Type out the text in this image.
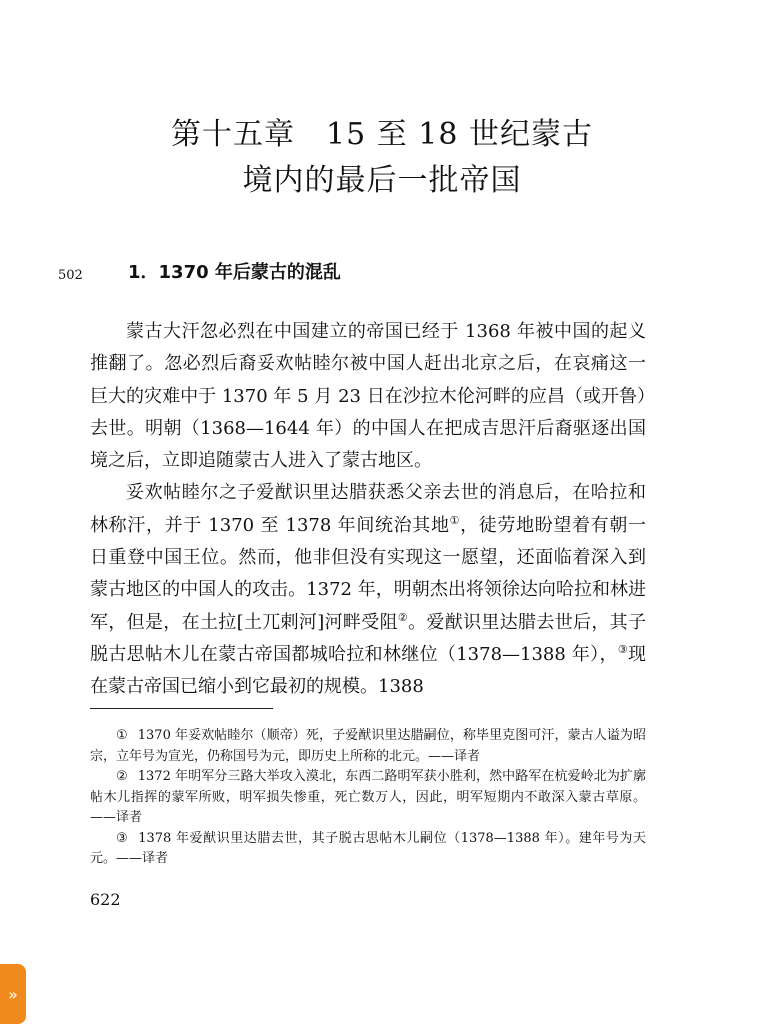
第十五章　15 至 18 世纪蒙古
境内的最后一批帝国
502	1．1370 年后蒙古的混乱

蒙古大汗忽必烈在中国建立的帝国已经于 1368 年被中国的起义推翻了。忽必烈后裔妥欢帖睦尔被中国人赶出北京之后，在哀痛这一巨大的灾难中于 1370 年 5 月 23 日在沙拉木伦河畔的应昌（或开鲁）去世。明朝（1368—1644 年）的中国人在把成吉思汗后裔驱逐出国境之后，立即追随蒙古人进入了蒙古地区。

妥欢帖睦尔之子爱猷识里达腊获悉父亲去世的消息后，在哈拉和林称汗，并于 1370 至 1378 年间统治其地①，徒劳地盼望着有朝一日重登中国王位。然而，他非但没有实现这一愿望，还面临着深入到蒙古地区的中国人的攻击。1372 年，明朝杰出将领徐达向哈拉和林进军，但是，在土拉[土兀剌河]河畔受阻②。爱猷识里达腊去世后，其子脱古思帖木儿在蒙古帝国都城哈拉和林继位（1378—1388 年），③现在蒙古帝国已缩小到它最初的规模。1388

① 1370 年妥欢帖睦尔（顺帝）死，子爱猷识里达腊嗣位，称毕里克图可汗，蒙古人谥为昭宗，立年号为宣光，仍称国号为元，即历史上所称的北元。——译者

② 1372 年明军分三路大举攻入漠北，东西二路明军获小胜利，然中路军在杭爱岭北为扩廓帖木儿指挥的蒙军所败，明军损失惨重，死亡数万人，因此，明军短期内不敢深入蒙古草原。——译者

③ 1378 年爱猷识里达腊去世，其子脱古思帖木儿嗣位（1378—1388 年）。建年号为天元。——译者

622
»
